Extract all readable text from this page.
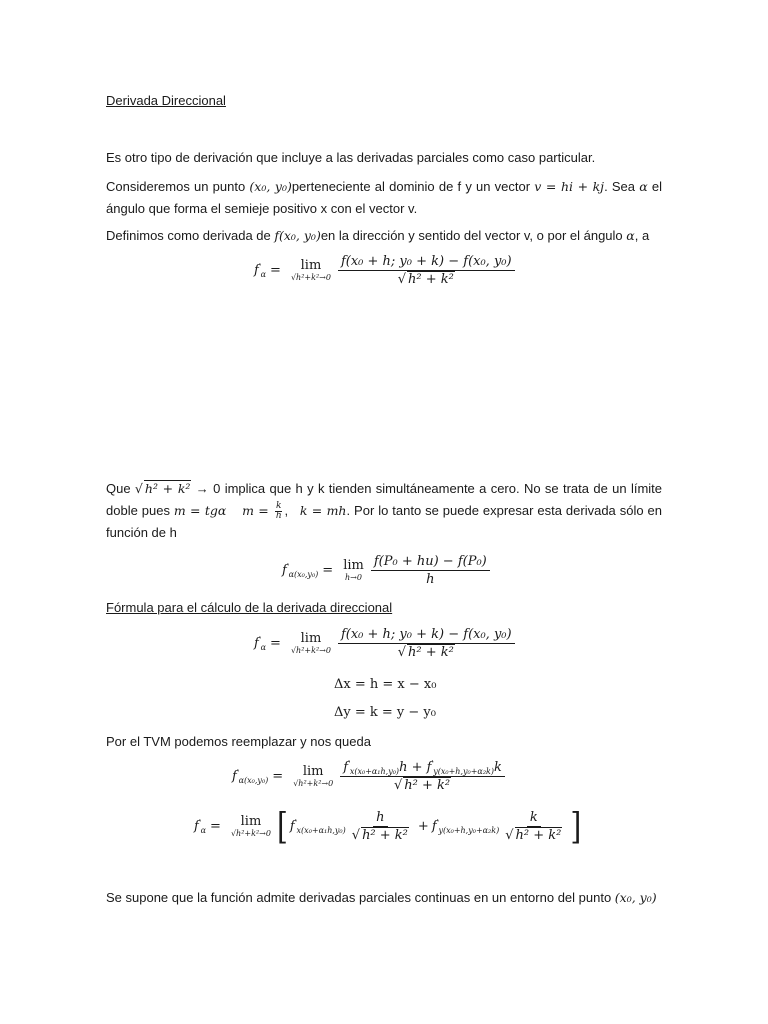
Derivada Direccional
Es otro tipo de derivación que incluye a las derivadas parciales como caso particular.
Consideremos un punto (x₀, y₀)perteneciente al dominio de f y un vector v = hi + kj. Sea α el ángulo que forma el semieje positivo x con el vector v.
Definimos como derivada de f(x₀, y₀)en la dirección y sentido del vector v, o por el ángulo α, a
$f'_\alpha = \lim$
$√h^2+k^2\to 0 \frac{\text{f(x₀ + h; y₀ + k) − f(x₀, y₀)}}{\text{√ h² + k²}}$
Que √ h² + k² → 0 implica que h y k tienden simultáneamente a cero. No se trata de un límite doble pues m = tgα $m = \frac{k}{h}$ ,   k = mh. Por lo tanto se puede expresar esta derivada sólo en función de h
$f'_{\alpha(x_0,y_0)} = \lim$
$h\to 0 \frac{\text{f(P₀ + hu) − f(P₀)}}{h}$
Fórmula para el cálculo de la derivada direccional
$f'_\alpha = \lim$
$√h^2+k^2\to 0 \frac{\text{f(x₀ + h; y₀ + k) − f(x₀, y₀)}}{\text{√ h² + k²}}$
Δx = h = x − x₀
Δy = k = y − y₀
Por el TVM podemos reemplazar y nos queda
$f'_{\alpha(x_0,y_0)} = \lim$
$√h^2+k^2\to 0 \frac{f'_{x(x_0+\alpha_1h,y_0)}h + f'_{y(x_0+h,y_0+\alpha_2k)}k}{\text{√ h² + k²}}$
$f'_\alpha = \lim$
√h²+k²→0 [ $f'_{x(x_0+\alpha_1h,y_0)} \frac{h}{\text{√ h² + k²}} + f'_{y(x_0+h,y_0+\alpha_2k)} \frac{k}{\text{√ h² + k²}}$ ]
Se supone que la función admite derivadas parciales continuas en un entorno del punto (x₀, y₀)
